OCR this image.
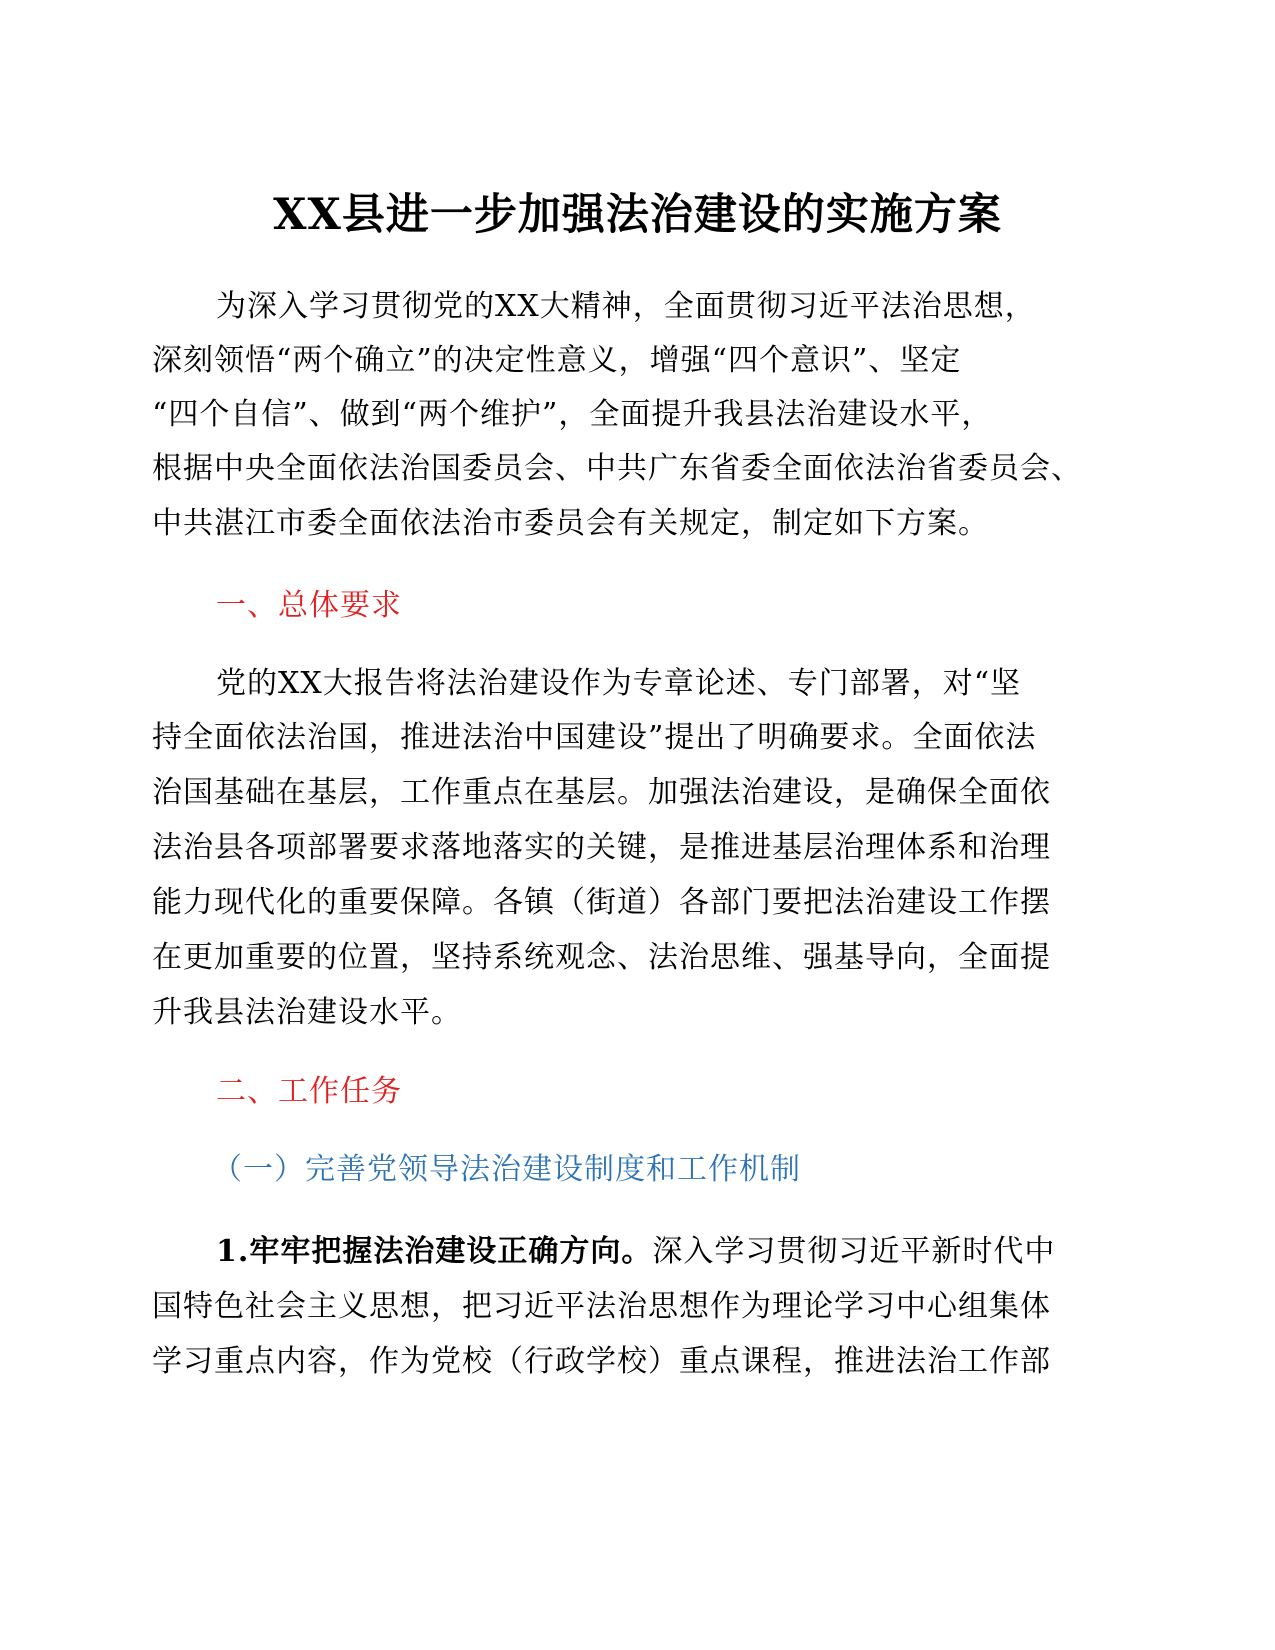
XX县进一步加强法治建设的实施方案
为深入学习贯彻党的XX大精神，全面贯彻习近平法治思想，
深刻领悟“两个确立”的决定性意义，增强“四个意识”、坚定
“四个自信”、做到“两个维护”，全面提升我县法治建设水平，
根据中央全面依法治国委员会、中共广东省委全面依法治省委员会、
中共湛江市委全面依法治市委员会有关规定，制定如下方案。
一、总体要求
党的XX大报告将法治建设作为专章论述、专门部署，对“坚
持全面依法治国，推进法治中国建设”提出了明确要求。全面依法
治国基础在基层，工作重点在基层。加强法治建设，是确保全面依
法治县各项部署要求落地落实的关键，是推进基层治理体系和治理
能力现代化的重要保障。各镇（街道）各部门要把法治建设工作摆
在更加重要的位置，坚持系统观念、法治思维、强基导向，全面提
升我县法治建设水平。
二、工作任务
（一）完善党领导法治建设制度和工作机制
1.牢牢把握法治建设正确方向。深入学习贯彻习近平新时代中
国特色社会主义思想，把习近平法治思想作为理论学习中心组集体
学习重点内容，作为党校（行政学校）重点课程，推进法治工作部
